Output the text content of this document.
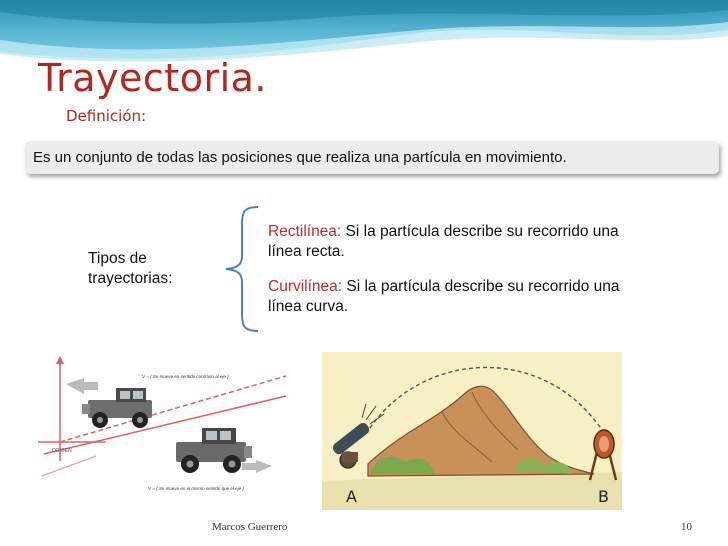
Trayectoria.
Definición:
Es un conjunto de todas las posiciones que realiza una partícula en movimiento.
Tipos de
trayectorias:
Rectilínea: Si la partícula describe su recorrido una
línea recta.
Curvilínea: Si la partícula describe su recorrido una
línea curva.
V = ( Se mueve en sentido contrario al eje )
V = ( Se mueve en el mismo sentido que el eje )
ORIGEN
A	B
Marcos Guerrero	10
